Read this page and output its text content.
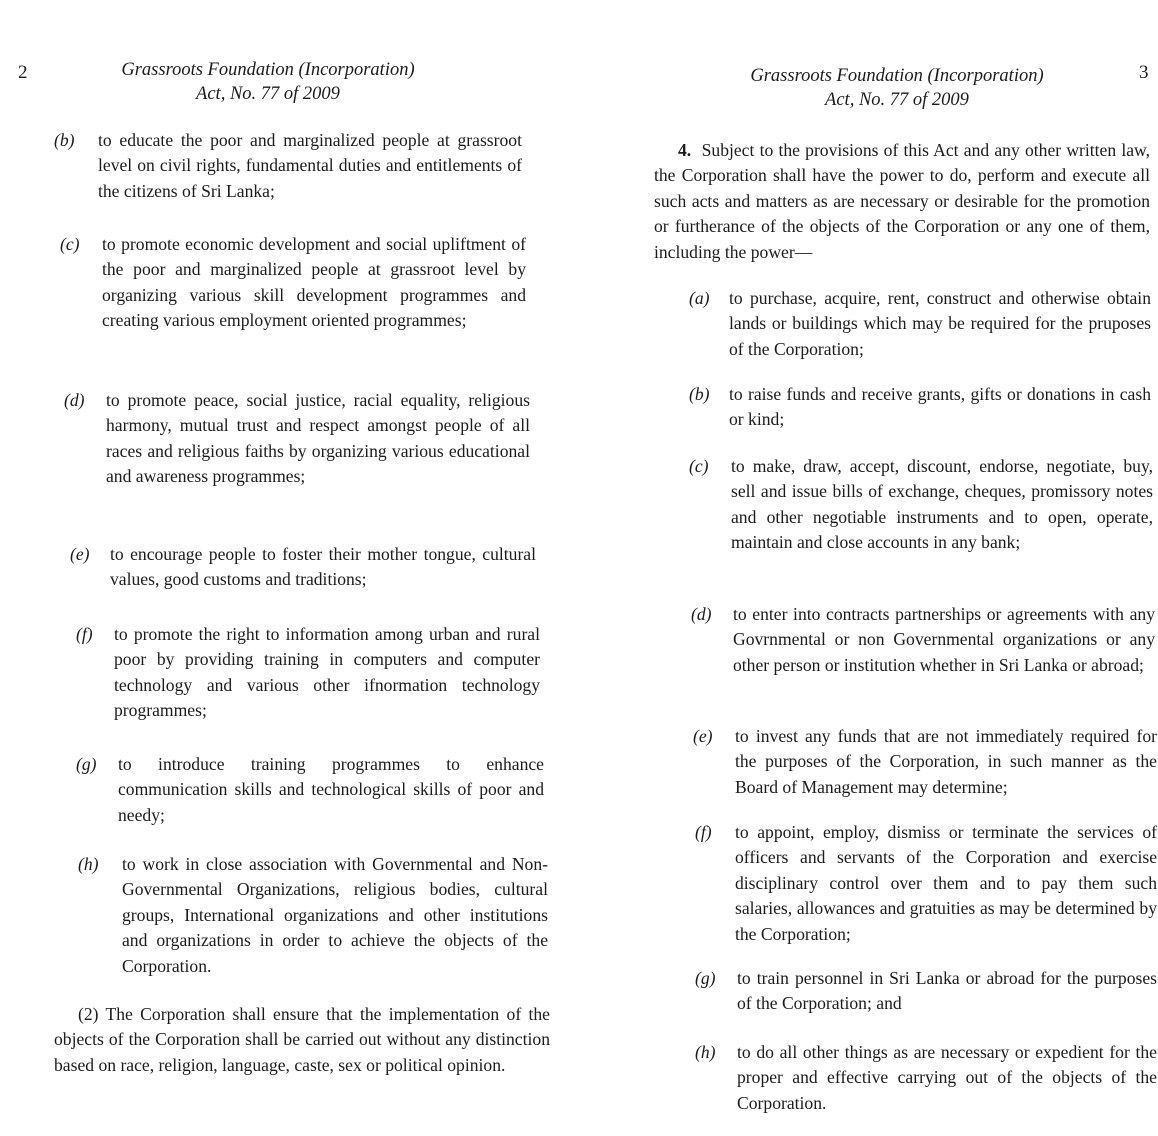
2	Grassroots Foundation (Incorporation)
Act, No. 77 of 2009
(b) to educate the poor and marginalized people at grassroot level on civil rights, fundamental duties and entitlements of the citizens of Sri Lanka;
(c) to promote economic development and social upliftment of the poor and marginalized people at grassroot level by organizing various skill development programmes and creating various employment oriented programmes;
(d) to promote peace, social justice, racial equality, religious harmony, mutual trust and respect amongst people of all races and religious faiths by organizing various educational and awareness programmes;
(e) to encourage people to foster their mother tongue, cultural values, good customs and traditions;
(f) to promote the right to information among urban and rural poor by providing training in computers and computer technology and various other ifnormation technology programmes;
(g) to introduce training programmes to enhance communication skills and technological skills of poor and needy;
(h) to work in close association with Governmental and Non-Governmental Organizations, religious bodies, cultural groups, International organizations and other institutions and organizations in order to achieve the objects of the Corporation.
(2) The Corporation shall ensure that the implementation of the objects of the Corporation shall be carried out without any distinction based on race, religion, language, caste, sex or political opinion.
Grassroots Foundation (Incorporation)
Act, No. 77 of 2009
3
4. Subject to the provisions of this Act and any other written law, the Corporation shall have the power to do, perform and execute all such acts and matters as are necessary or desirable for the promotion or furtherance of the objects of the Corporation or any one of them, including the power—
(a) to purchase, acquire, rent, construct and otherwise obtain lands or buildings which may be required for the pruposes of the Corporation;
(b) to raise funds and receive grants, gifts or donations in cash or kind;
(c) to make, draw, accept, discount, endorse, negotiate, buy, sell and issue bills of exchange, cheques, promissory notes and other negotiable instruments and to open, operate, maintain and close accounts in any bank;
(d) to enter into contracts partnerships or agreements with any Govrnmental or non Governmental organizations or any other person or institution whether in Sri Lanka or abroad;
(e) to invest any funds that are not immediately required for the purposes of the Corporation, in such manner as the Board of Management may determine;
(f) to appoint, employ, dismiss or terminate the services of officers and servants of the Corporation and exercise disciplinary control over them and to pay them such salaries, allowances and gratuities as may be determined by the Corporation;
(g) to train personnel in Sri Lanka or abroad for the purposes of the Corporation; and
(h) to do all other things as are necessary or expedient for the proper and effective carrying out of the objects of the Corporation.
